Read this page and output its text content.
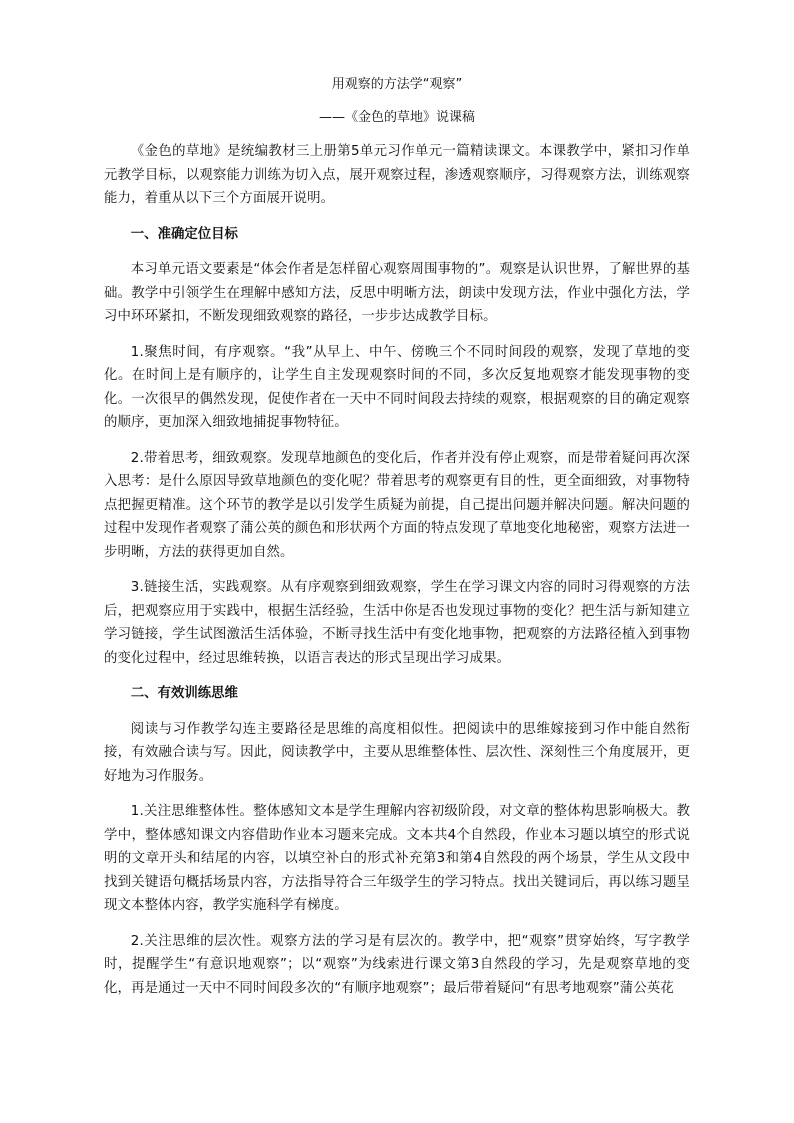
用观察的方法学“观察”
——《金色的草地》说课稿

《金色的草地》是统编教材三上册第5单元习作单元一篇精读课文。本课教学中，紧扣习作单元教学目标，以观察能力训练为切入点，展开观察过程，渗透观察顺序，习得观察方法，训练观察能力，着重从以下三个方面展开说明。

一、准确定位目标

本习单元语文要素是“体会作者是怎样留心观察周围事物的”。观察是认识世界，了解世界的基础。教学中引领学生在理解中感知方法，反思中明晰方法，朗读中发现方法，作业中强化方法，学习中环环紧扣，不断发现细致观察的路径，一步步达成教学目标。

1.聚焦时间，有序观察。“我”从早上、中午、傍晚三个不同时间段的观察，发现了草地的变化。在时间上是有顺序的，让学生自主发现观察时间的不同，多次反复地观察才能发现事物的变化。一次很早的偶然发现，促使作者在一天中不同时间段去持续的观察，根据观察的目的确定观察的顺序，更加深入细致地捕捉事物特征。

2.带着思考，细致观察。发现草地颜色的变化后，作者并没有停止观察，而是带着疑问再次深入思考：是什么原因导致草地颜色的变化呢？带着思考的观察更有目的性，更全面细致，对事物特点把握更精准。这个环节的教学是以引发学生质疑为前提，自己提出问题并解决问题。解决问题的过程中发现作者观察了蒲公英的颜色和形状两个方面的特点发现了草地变化地秘密，观察方法进一步明晰，方法的获得更加自然。

3.链接生活，实践观察。从有序观察到细致观察，学生在学习课文内容的同时习得观察的方法后，把观察应用于实践中，根据生活经验，生活中你是否也发现过事物的变化？把生活与新知建立学习链接，学生试图激活生活体验，不断寻找生活中有变化地事物，把观察的方法路径植入到事物的变化过程中，经过思维转换，以语言表达的形式呈现出学习成果。

二、有效训练思维

阅读与习作教学勾连主要路径是思维的高度相似性。把阅读中的思维嫁接到习作中能自然衔接，有效融合读与写。因此，阅读教学中，主要从思维整体性、层次性、深刻性三个角度展开，更好地为习作服务。

1.关注思维整体性。整体感知文本是学生理解内容初级阶段，对文章的整体构思影响极大。教学中，整体感知课文内容借助作业本习题来完成。文本共4个自然段，作业本习题以填空的形式说明的文章开头和结尾的内容，以填空补白的形式补充第3和第4自然段的两个场景，学生从文段中找到关键语句概括场景内容，方法指导符合三年级学生的学习特点。找出关键词后，再以练习题呈现文本整体内容，教学实施科学有梯度。

2.关注思维的层次性。观察方法的学习是有层次的。教学中，把“观察”贯穿始终，写字教学时，提醒学生“有意识地观察”；以“观察”为线索进行课文第3自然段的学习，先是观察草地的变化，再是通过一天中不同时间段多次的“有顺序地观察”；最后带着疑问“有思考地观察”蒲公英花
